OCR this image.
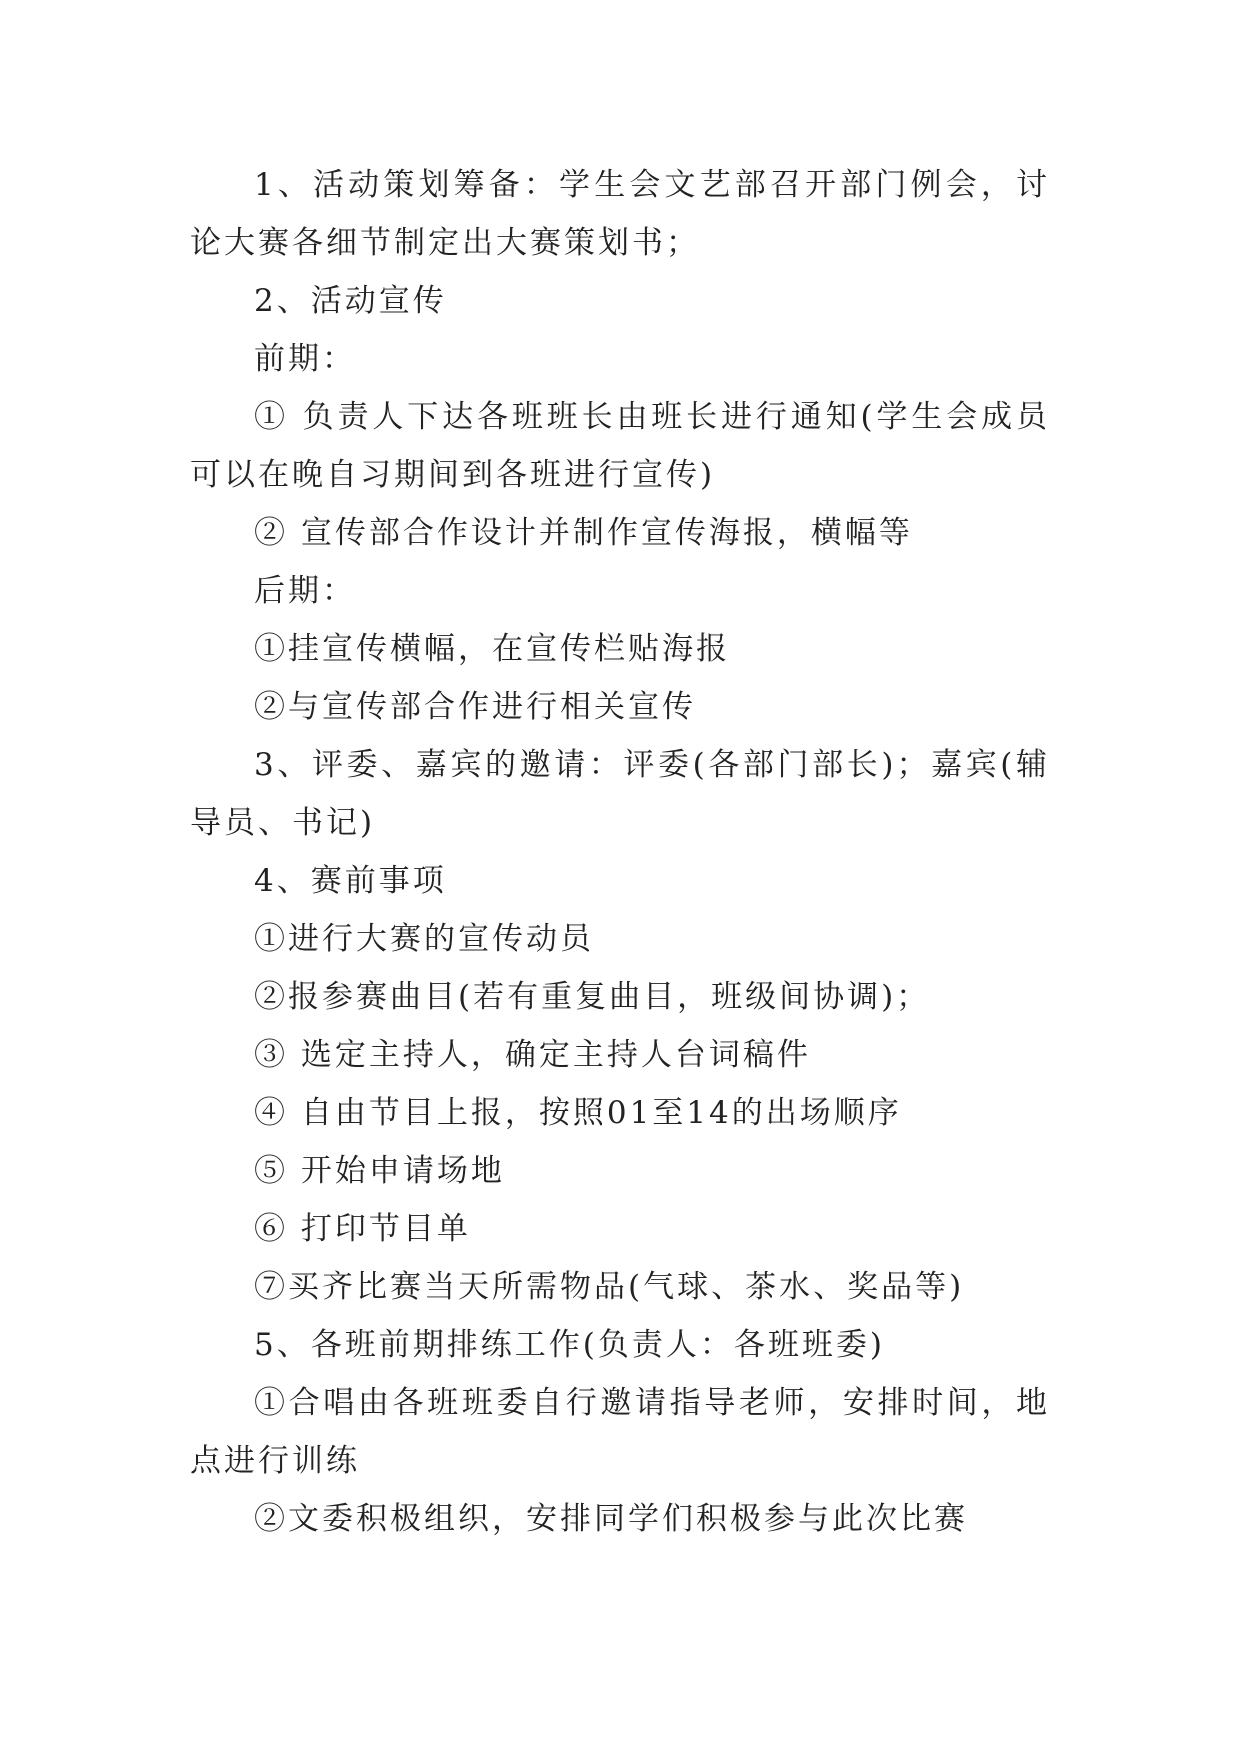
1、活动策划筹备：学生会文艺部召开部门例会，讨论大赛各细节制定出大赛策划书；

2、活动宣传

前期：

① 负责人下达各班班长由班长进行通知(学生会成员可以在晚自习期间到各班进行宣传)

② 宣传部合作设计并制作宣传海报，横幅等

后期：

①挂宣传横幅，在宣传栏贴海报

②与宣传部合作进行相关宣传

3、评委、嘉宾的邀请：评委(各部门部长)；嘉宾(辅导员、书记)

4、赛前事项

①进行大赛的宣传动员

②报参赛曲目(若有重复曲目，班级间协调)；

③ 选定主持人，确定主持人台词稿件

④ 自由节目上报，按照01至14的出场顺序

⑤ 开始申请场地

⑥ 打印节目单

⑦买齐比赛当天所需物品(气球、茶水、奖品等)

5、各班前期排练工作(负责人：各班班委)

①合唱由各班班委自行邀请指导老师，安排时间，地点进行训练

②文委积极组织，安排同学们积极参与此次比赛
